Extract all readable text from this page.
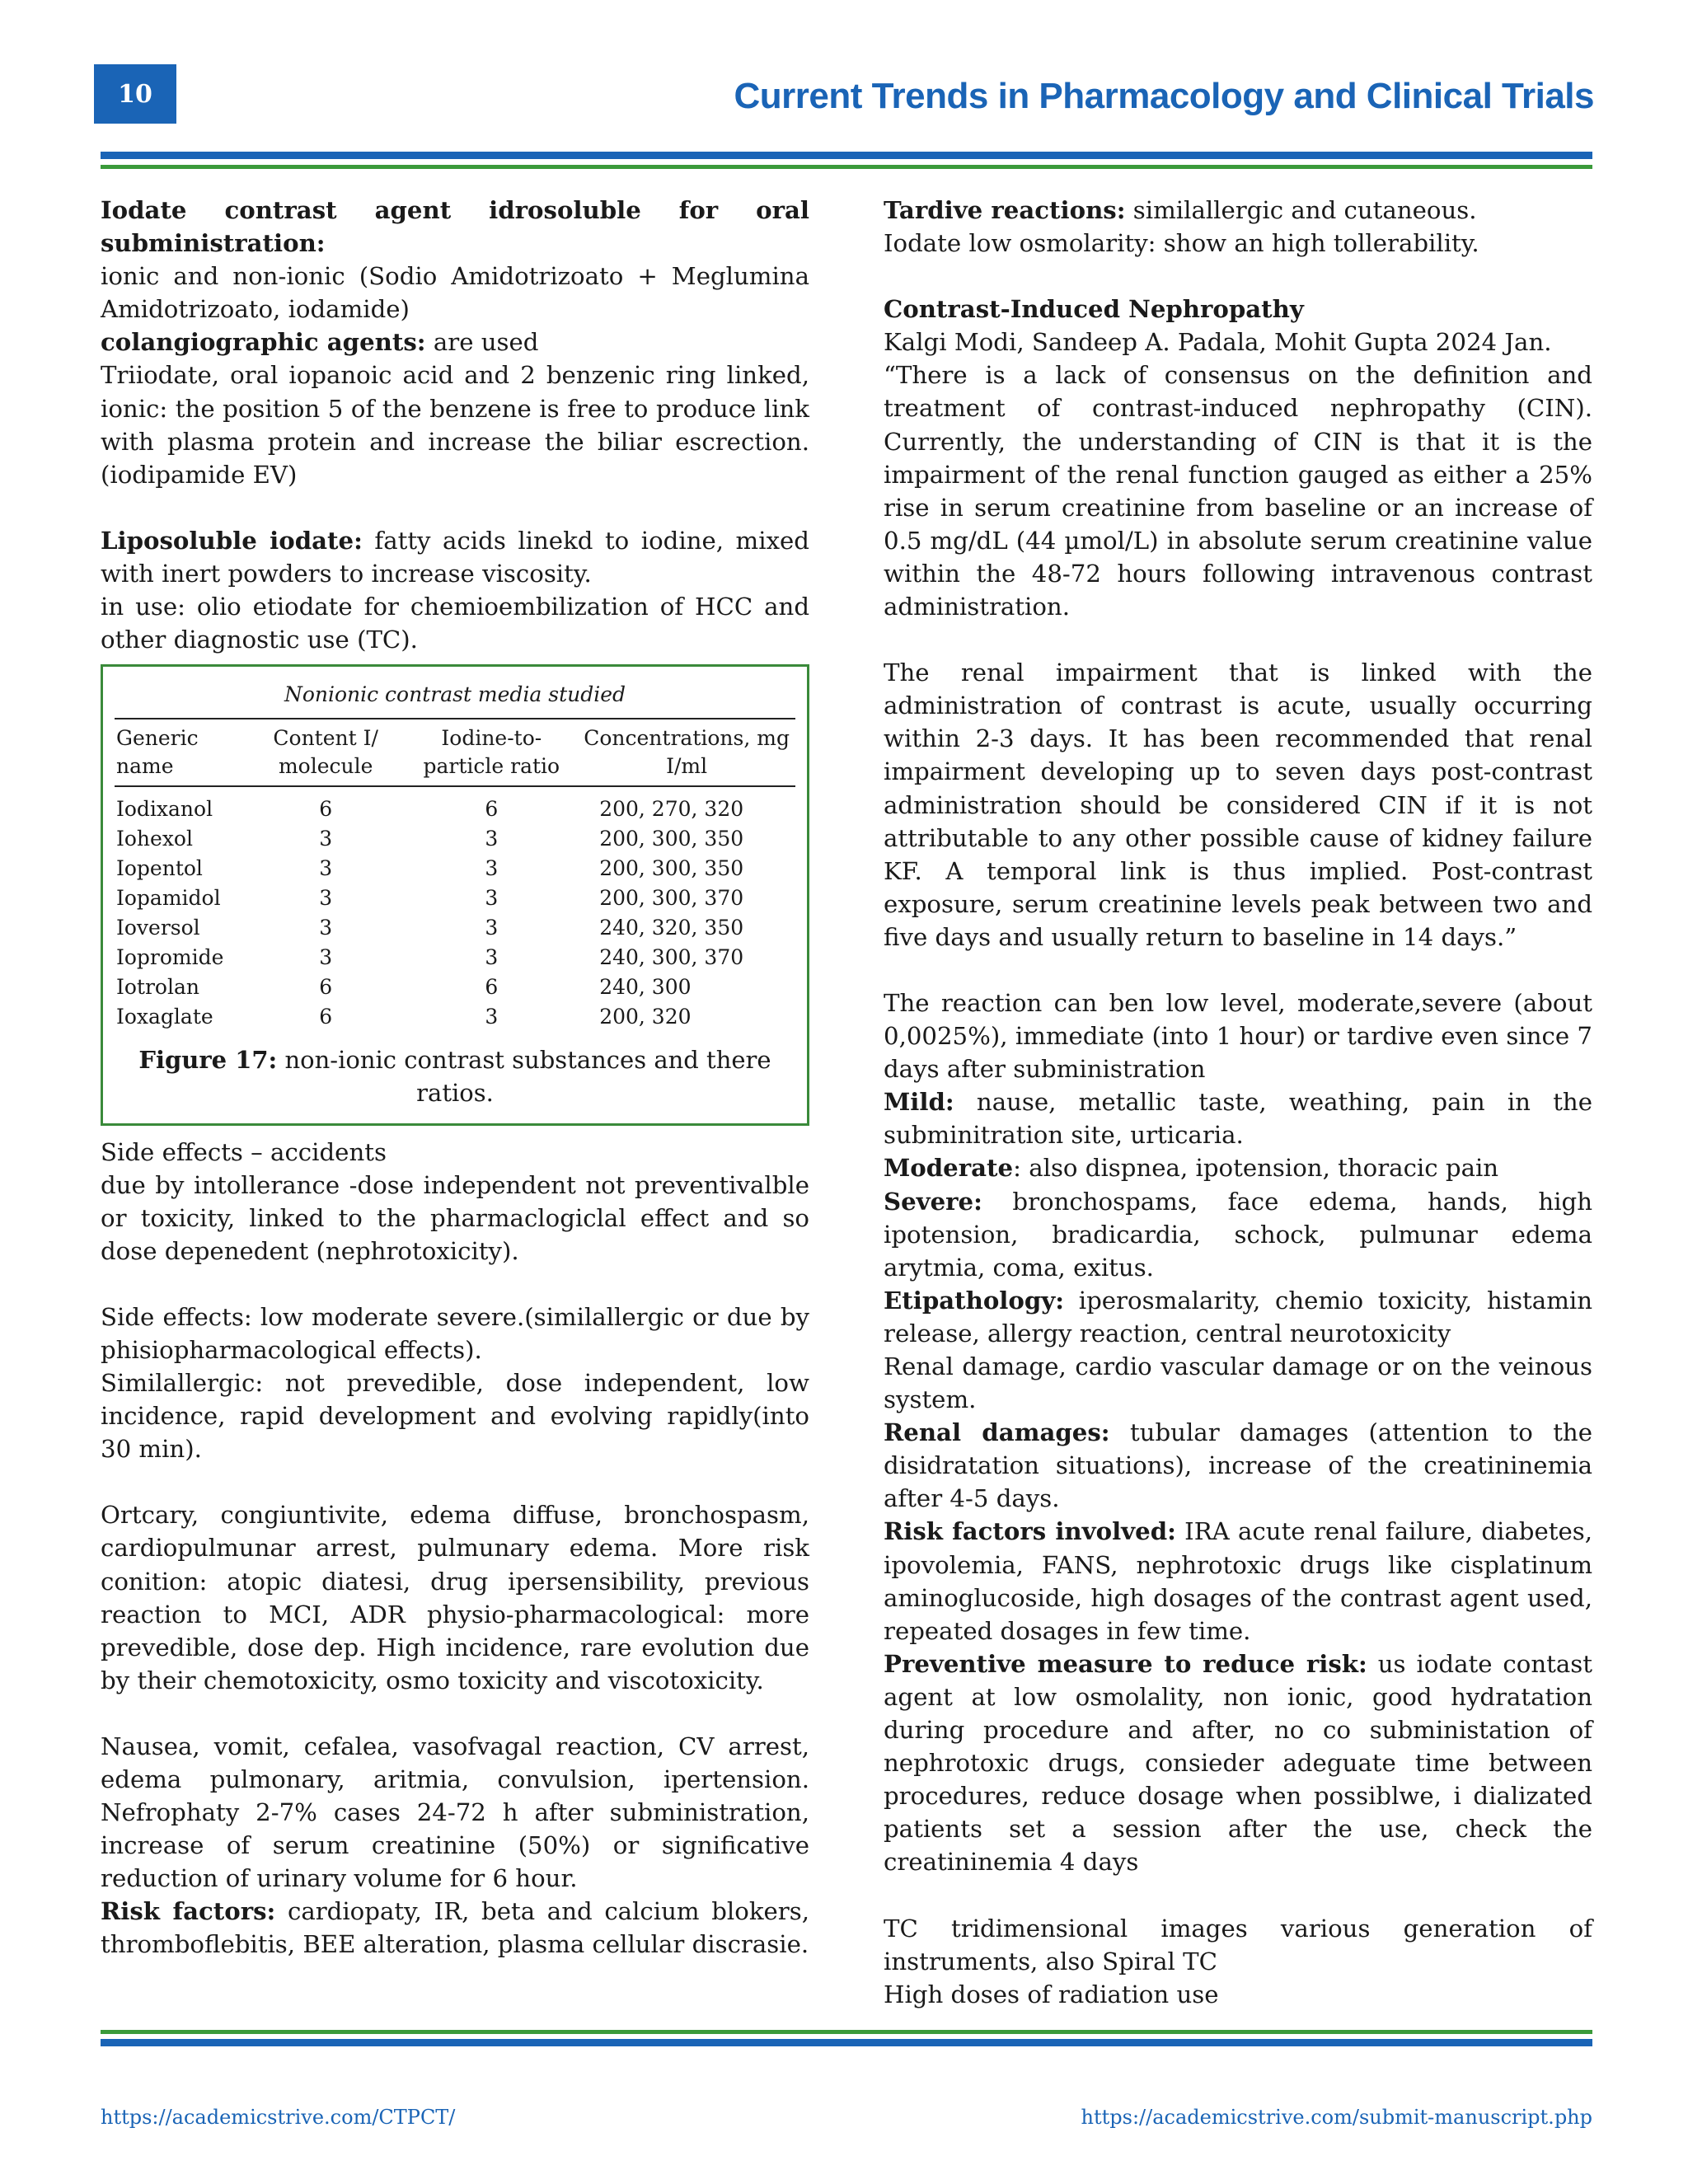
10	Current Trends in Pharmacology and Clinical Trials

Iodate contrast agent idrosoluble for oral subministration:

ionic and non-ionic (Sodio Amidotrizoato + Meglumina Amidotrizoato, iodamide)

colangiographic agents: are used

Triiodate, oral iopanoic acid and 2 benzenic ring linked, ionic: the position 5 of the benzene is free to produce link with plasma protein and increase the biliar escrection. (iodipamide EV)

Liposoluble iodate: fatty acids linekd to iodine, mixed with inert powders to increase viscosity.

in use: olio etiodate for chemioembilization of HCC and other diagnostic use (TC).

Nonionic contrast media studied
Generic name	Content I/ molecule	Iodine-to- particle ratio	Concentrations, mg I/ml
Iodixanol	6	6	200, 270, 320
Iohexol	3	3	200, 300, 350
Iopentol	3	3	200, 300, 350
Iopamidol	3	3	200, 300, 370
Ioversol	3	3	240, 320, 350
Iopromide	3	3	240, 300, 370
Iotrolan	6	6	240, 300
Ioxaglate	6	3	200, 320
Figure 17: non-ionic contrast substances and there ratios.

Side effects – accidents

due by intollerance -dose independent not preventivalble or toxicity, linked to the pharmaclogiclal effect and so dose depenedent (nephrotoxicity).

Side effects: low moderate severe.(similallergic or due by phisiopharmacological effects).

Similallergic: not prevedible, dose independent, low incidence, rapid development and evolving rapidly(into 30 min).

Ortcary, congiuntivite, edema diffuse, bronchospasm, cardiopulmunar arrest, pulmunary edema. More risk conition: atopic diatesi, drug ipersensibility, previous reaction to MCI, ADR physio-pharmacological: more prevedible, dose dep. High incidence, rare evolution due by their chemotoxicity, osmo toxicity and viscotoxicity.

Nausea, vomit, cefalea, vasofvagal reaction, CV arrest, edema pulmonary, aritmia, convulsion, ipertension. Nefrophaty 2-7% cases 24-72 h after subministration, increase of serum creatinine (50%) or significative reduction of urinary volume for 6 hour.

Risk factors: cardiopaty, IR, beta and calcium blokers, thromboflebitis, BEE alteration, plasma cellular discrasie.

Tardive reactions: similallergic and cutaneous.

Iodate low osmolarity: show an high tollerability.

Contrast-Induced Nephropathy

Kalgi Modi, Sandeep A. Padala, Mohit Gupta 2024 Jan.

“There is a lack of consensus on the definition and treatment of contrast-induced nephropathy (CIN). Currently, the understanding of CIN is that it is the impairment of the renal function gauged as either a 25% rise in serum creatinine from baseline or an increase of 0.5 mg/dL (44 µmol/L) in absolute serum creatinine value within the 48-72 hours following intravenous contrast administration.

The renal impairment that is linked with the administration of contrast is acute, usually occurring within 2-3 days. It has been recommended that renal impairment developing up to seven days post-contrast administration should be considered CIN if it is not attributable to any other possible cause of kidney failure KF. A temporal link is thus implied. Post-contrast exposure, serum creatinine levels peak between two and five days and usually return to baseline in 14 days.”

The reaction can ben low level, moderate,severe (about 0,0025%), immediate (into 1 hour) or tardive even since 7 days after subministration

Mild: nause, metallic taste, weathing, pain in the subminitration site, urticaria.

Moderate: also dispnea, ipotension, thoracic pain

Severe: bronchospams, face edema, hands, high ipotension, bradicardia, schock, pulmunar edema arytmia, coma, exitus.

Etipathology: iperosmalarity, chemio toxicity, histamin release, allergy reaction, central neurotoxicity

Renal damage, cardio vascular damage or on the veinous system.

Renal damages: tubular damages (attention to the disidratation situations), increase of the creatininemia after 4-5 days.

Risk factors involved: IRA acute renal failure, diabetes, ipovolemia, FANS, nephrotoxic drugs like cisplatinum aminoglucoside, high dosages of the contrast agent used, repeated dosages in few time.

Preventive measure to reduce risk: us iodate contast agent at low osmolality, non ionic, good hydratation during procedure and after, no co subministation of nephrotoxic drugs, consieder adeguate time between procedures, reduce dosage when possiblwe, i dializated patients set a session after the use, check the creatininemia 4 days

TC tridimensional images various generation of instruments, also Spiral TC

High doses of radiation use

https://academicstrive.com/CTPCT/	https://academicstrive.com/submit-manuscript.php
